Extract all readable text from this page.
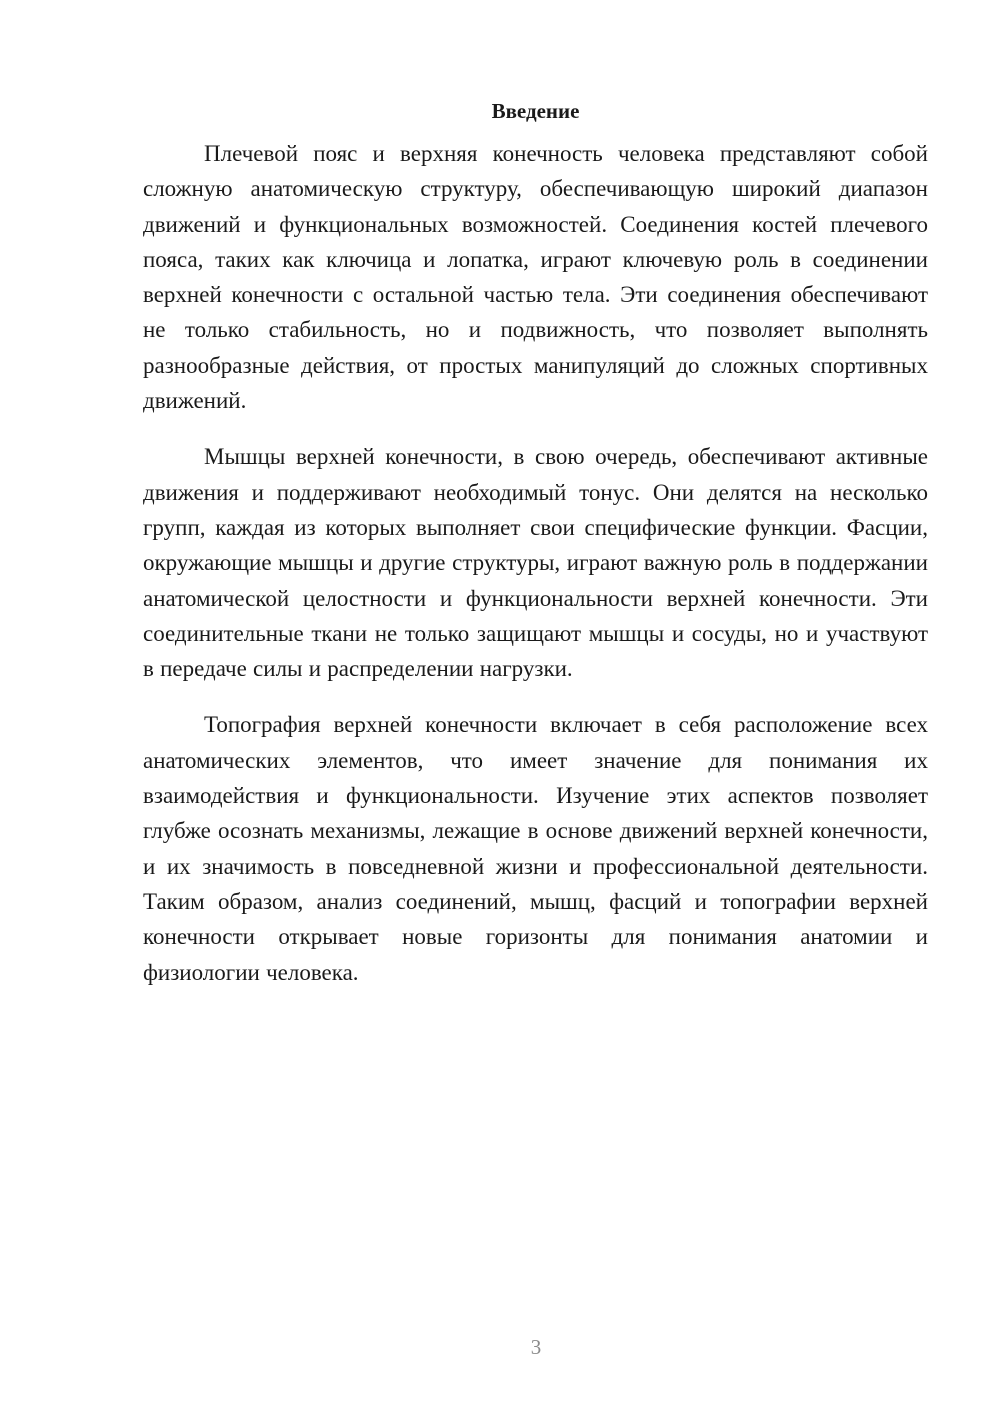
Введение

Плечевой пояс и верхняя конечность человека представляют собой сложную анатомическую структуру, обеспечивающую широкий диапазон движений и функциональных возможностей. Соединения костей плечевого пояса, таких как ключица и лопатка, играют ключевую роль в соединении верхней конечности с остальной частью тела. Эти соединения обеспечивают не только стабильность, но и подвижность, что позволяет выполнять разнообразные действия, от простых манипуляций до сложных спортивных движений.

Мышцы верхней конечности, в свою очередь, обеспечивают активные движения и поддерживают необходимый тонус. Они делятся на несколько групп, каждая из которых выполняет свои специфические функции. Фасции, окружающие мышцы и другие структуры, играют важную роль в поддержании анатомической целостности и функциональности верхней конечности. Эти соединительные ткани не только защищают мышцы и сосуды, но и участвуют в передаче силы и распределении нагрузки.

Топография верхней конечности включает в себя расположение всех анатомических элементов, что имеет значение для понимания их взаимодействия и функциональности. Изучение этих аспектов позволяет глубже осознать механизмы, лежащие в основе движений верхней конечности, и их значимость в повседневной жизни и профессиональной деятельности. Таким образом, анализ соединений, мышц, фасций и топографии верхней конечности открывает новые горизонты для понимания анатомии и физиологии человека.

3
